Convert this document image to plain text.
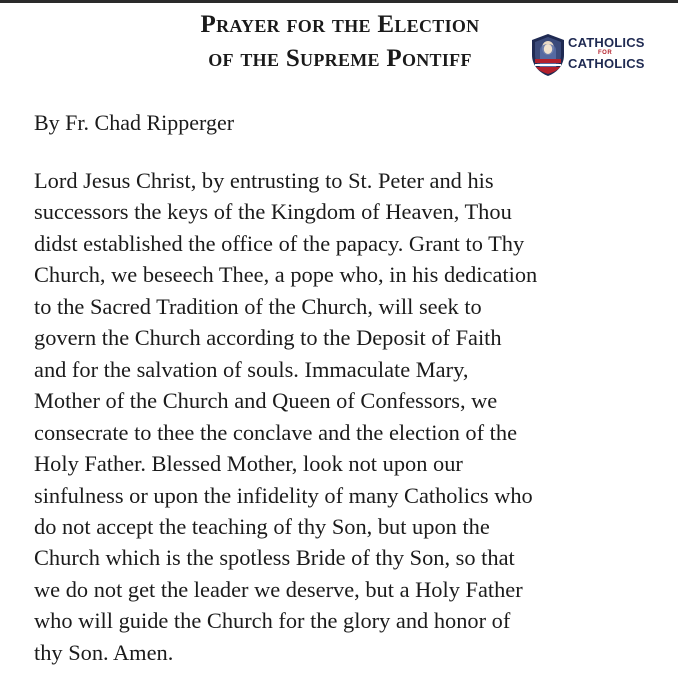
Prayer for the Election
of the Supreme Pontiff
CATHOLICS
FOR
CATHOLICS
By Fr. Chad Ripperger

Lord Jesus Christ, by entrusting to St. Peter and his
successors the keys of the Kingdom of Heaven, Thou
didst established the office of the papacy. Grant to Thy
Church, we beseech Thee, a pope who, in his dedication
to the Sacred Tradition of the Church, will seek to
govern the Church according to the Deposit of Faith
and for the salvation of souls. Immaculate Mary,
Mother of the Church and Queen of Confessors, we
consecrate to thee the conclave and the election of the
Holy Father. Blessed Mother, look not upon our
sinfulness or upon the infidelity of many Catholics who
do not accept the teaching of thy Son, but upon the
Church which is the spotless Bride of thy Son, so that
we do not get the leader we deserve, but a Holy Father
who will guide the Church for the glory and honor of
thy Son. Amen.
